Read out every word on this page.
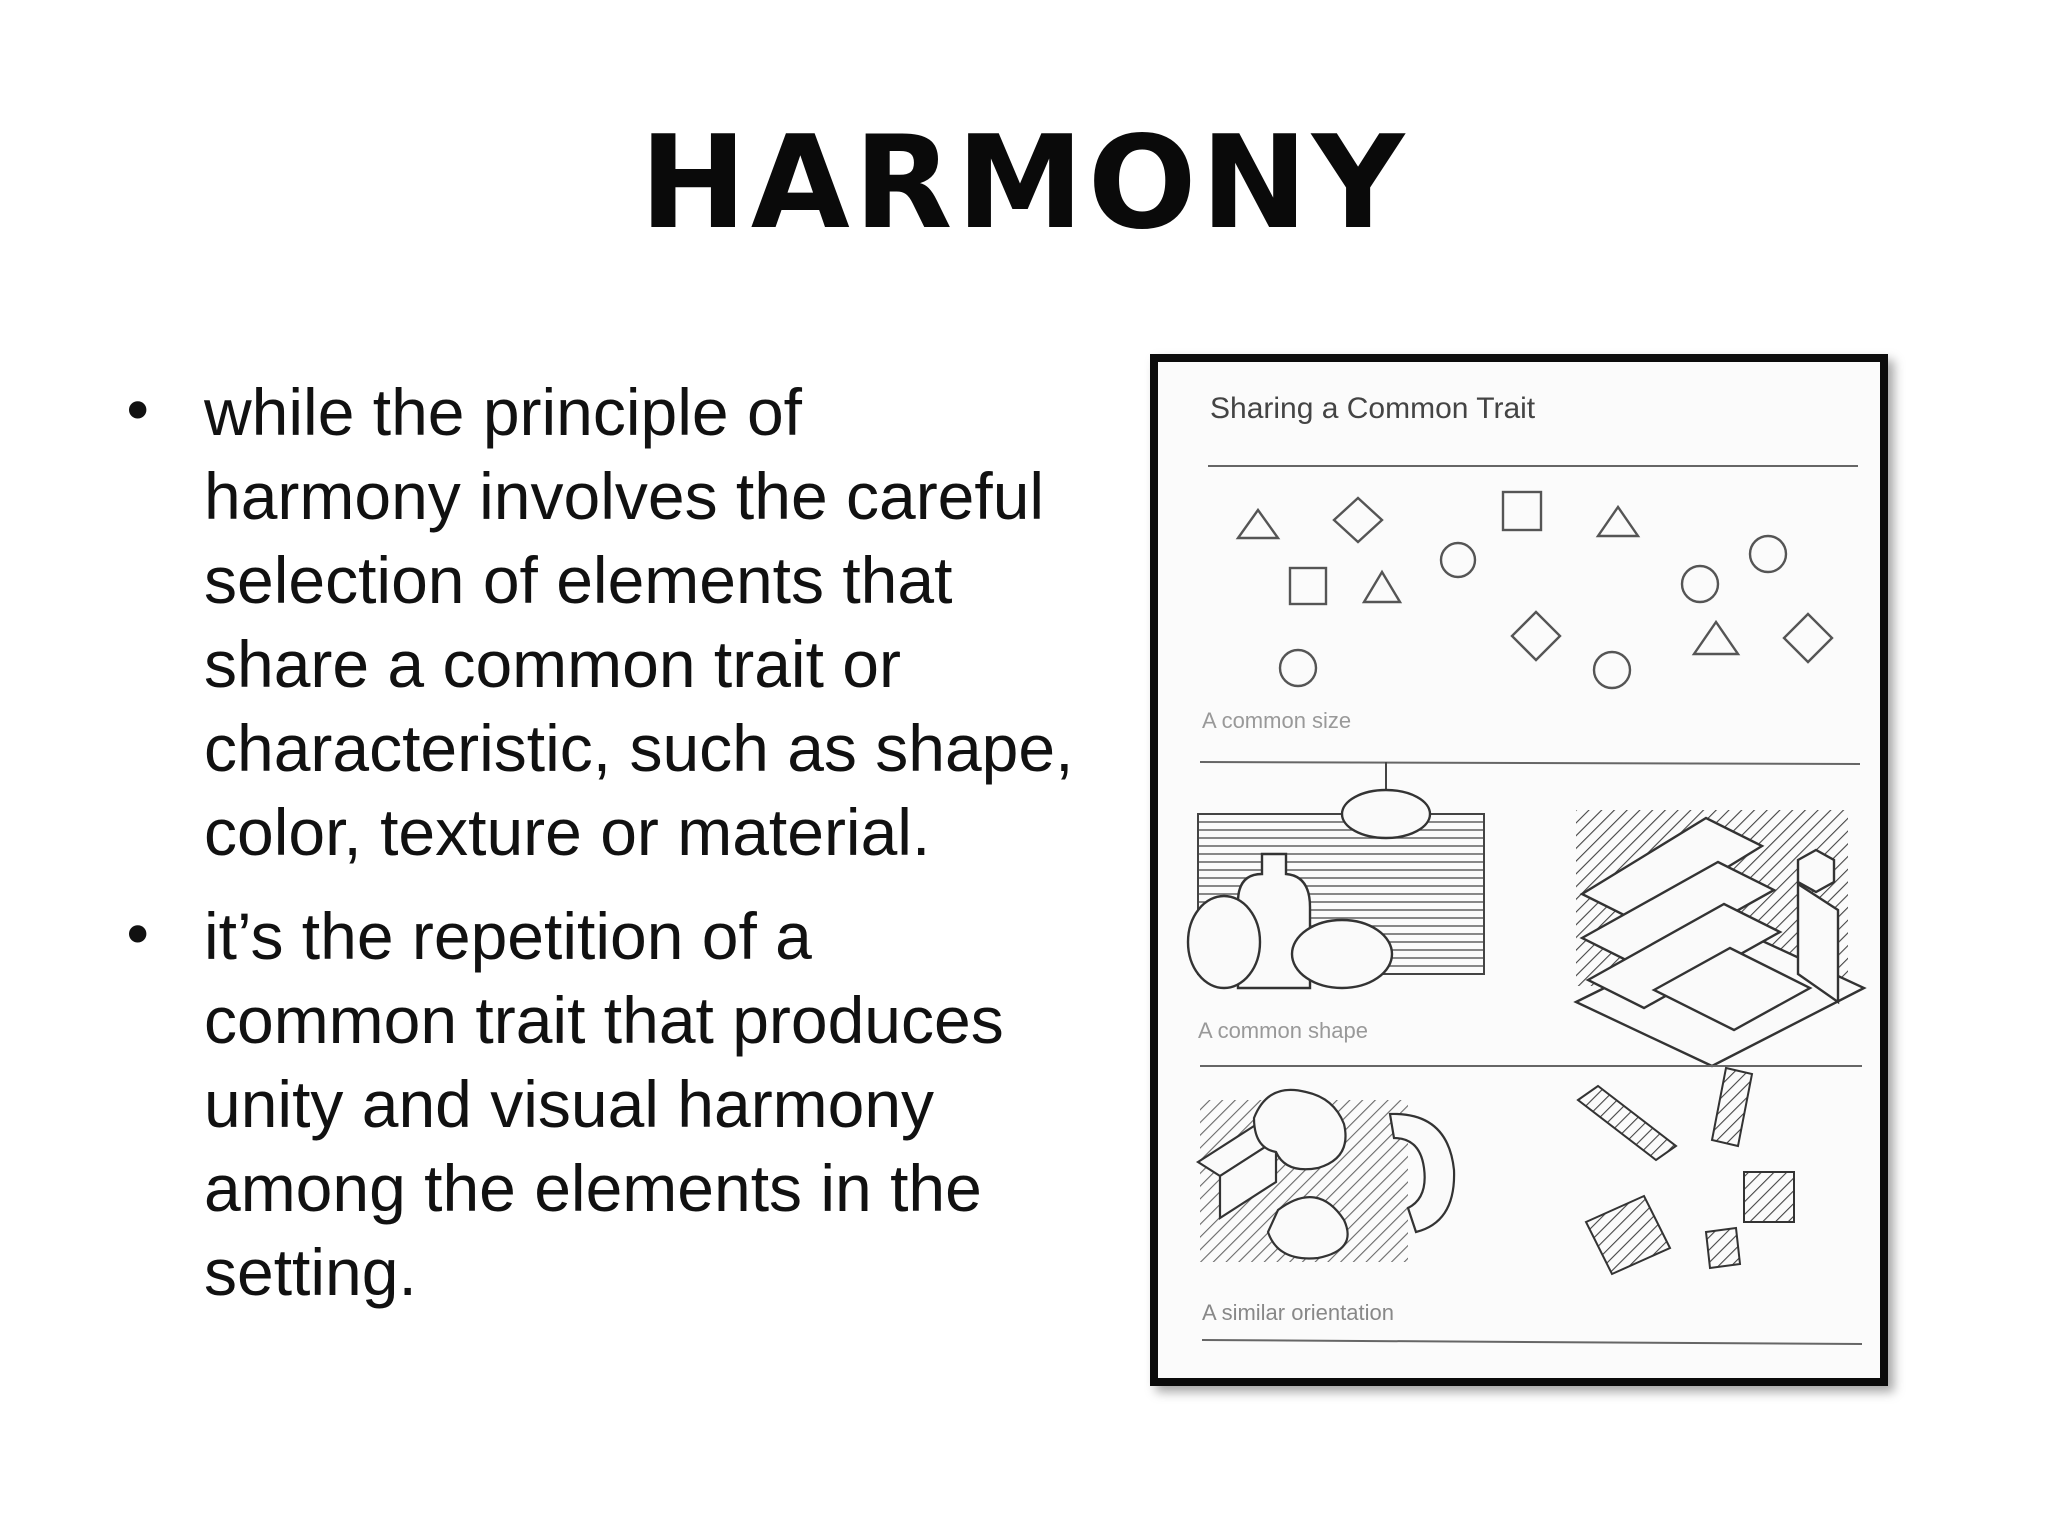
HARMONY
• while the principle of
harmony involves the careful
selection of elements that
share a common trait or
characteristic, such as shape,
color, texture or material.
• it’s the repetition of a
common trait that produces
unity and visual harmony
among the elements in the
setting.
Sharing a Common Trait
A common size
A common shape
A similar orientation
